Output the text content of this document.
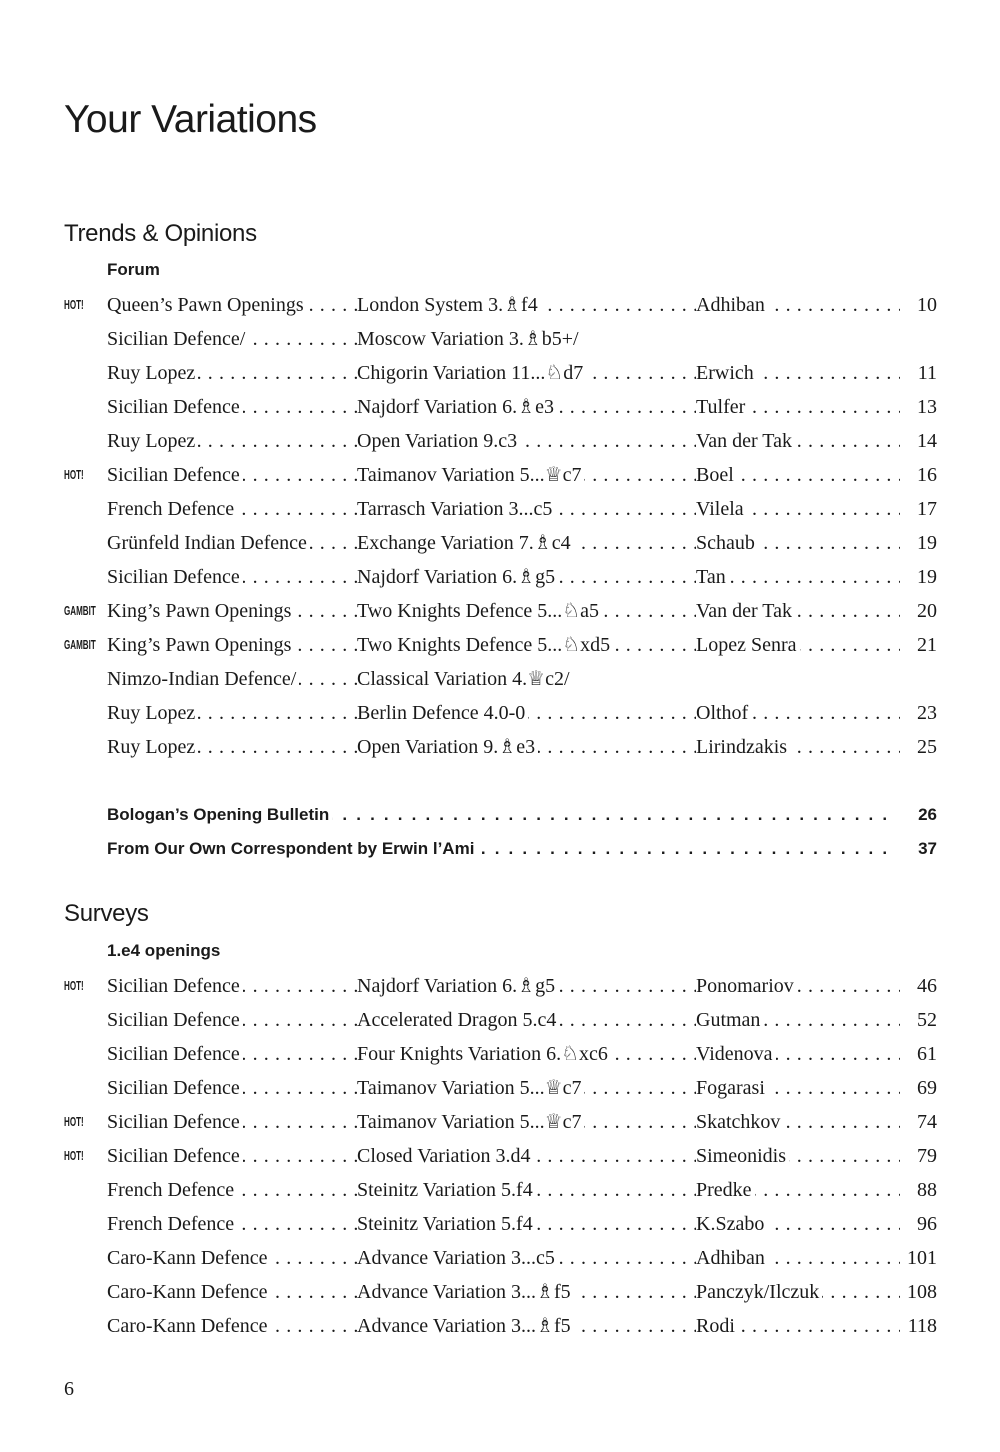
Your Variations
Trends & Opinions
Forum
HOT! Queen’s Pawn Openings . . .	London System 3.♗f4 . . .	Adhiban . . .	10
Sicilian Defence/ . . .	Moscow Variation 3.♗b5+/
Ruy Lopez . . .	Chigorin Variation 11...♘d7 . . .	Erwich . . .	11
Sicilian Defence . . .	Najdorf Variation 6.♗e3 . . .	Tulfer . . .	13
Ruy Lopez . . .	Open Variation 9.c3 . . .	Van der Tak . . .	14
HOT! Sicilian Defence . . .	Taimanov Variation 5...♕c7 . . .	Boel . . .	16
French Defence . . .	Tarrasch Variation 3...c5 . . .	Vilela . . .	17
Grünfeld Indian Defence . . .	Exchange Variation 7.♗c4 . . .	Schaub . . .	19
Sicilian Defence . . .	Najdorf Variation 6.♗g5 . . .	Tan . . .	19
GAMBIT King’s Pawn Openings . . .	Two Knights Defence 5...♘a5 . . .	Van der Tak . . .	20
GAMBIT King’s Pawn Openings . . .	Two Knights Defence 5...♘xd5 . . .	Lopez Senra . . .	21
Nimzo-Indian Defence/ . . .	Classical Variation 4.♕c2/
Ruy Lopez . . .	Berlin Defence 4.0-0 . . .	Olthof . . .	23
Ruy Lopez . . .	Open Variation 9.♗e3 . . .	Lirindzakis . . .	25
Bologan’s Opening Bulletin . . .	26
From Our Own Correspondent by Erwin l’Ami . . .	37
Surveys
1.e4 openings
HOT! Sicilian Defence . . .	Najdorf Variation 6.♗g5 . . .	Ponomariov . . .	46
Sicilian Defence . . .	Accelerated Dragon 5.c4 . . .	Gutman . . .	52
Sicilian Defence . . .	Four Knights Variation 6.♘xc6 . . .	Videnova . . .	61
Sicilian Defence . . .	Taimanov Variation 5...♕c7 . . .	Fogarasi . . .	69
HOT! Sicilian Defence . . .	Taimanov Variation 5...♕c7 . . .	Skatchkov . . .	74
HOT! Sicilian Defence . . .	Closed Variation 3.d4 . . .	Simeonidis . . .	79
French Defence . . .	Steinitz Variation 5.f4 . . .	Predke . . .	88
French Defence . . .	Steinitz Variation 5.f4 . . .	K.Szabo . . .	96
Caro-Kann Defence . . .	Advance Variation 3...c5 . . .	Adhiban . . .	101
Caro-Kann Defence . . .	Advance Variation 3...♗f5 . . .	Panczyk/Ilczuk . . .	108
Caro-Kann Defence . . .	Advance Variation 3...♗f5 . . .	Rodi . . .	118
6
